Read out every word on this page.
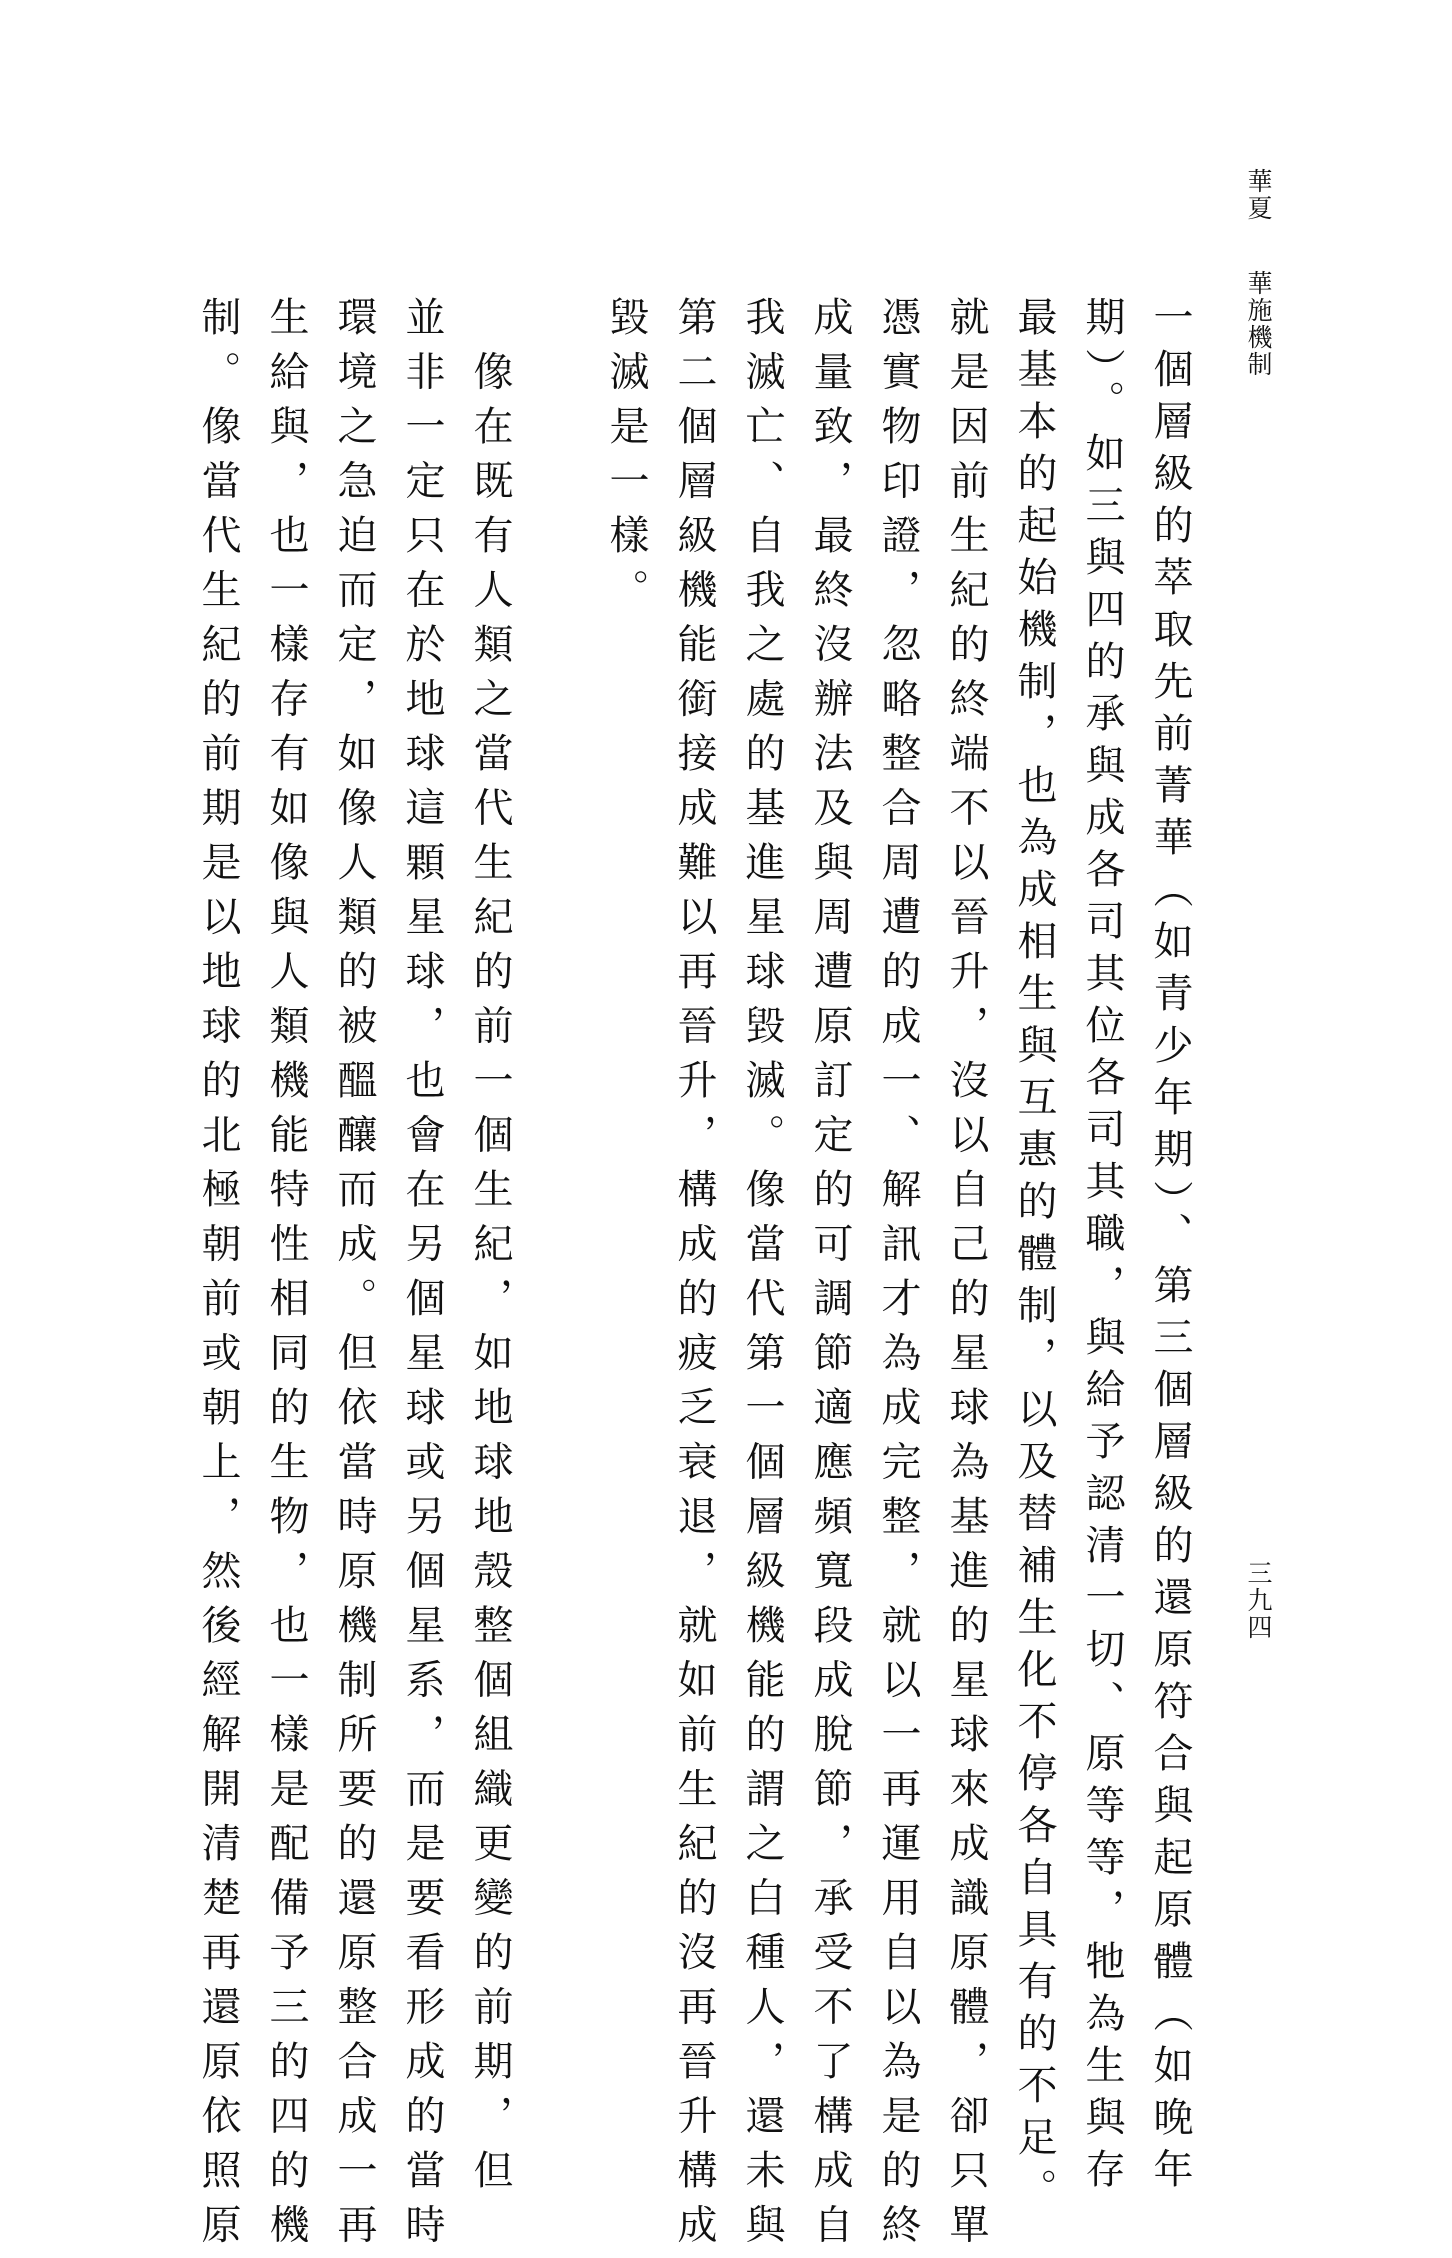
華夏
華施機制
三九四
一個層級的萃取先前菁華（如青少年期）、第三個層級的還原符合與起原體（如晚年
期）。如三與四的承與成各司其位各司其職，與給予認清一切、原等等，牠為生與存
最基本的起始機制，也為成相生與互惠的體制，以及替補生化不停各自具有的不足。
就是因前生紀的終端不以晉升，沒以自己的星球為基進的星球來成識原體，卻只單
憑實物印證，忽略整合周遭的成一、解訊才為成完整，就以一再運用自以為是的終
成量致，最終沒辦法及與周遭原訂定的可調節適應頻寬段成脫節，承受不了構成自
我滅亡、自我之處的基進星球毀滅。像當代第一個層級機能的謂之白種人，還未與
第二個層級機能銜接成難以再晉升，構成的疲乏衰退，就如前生紀的沒再晉升構成
毀滅是一樣。
　像在既有人類之當代生紀的前一個生紀，如地球地殼整個組織更變的前期，但
並非一定只在於地球這顆星球，也會在另個星球或另個星系，而是要看形成的當時
環境之急迫而定，如像人類的被醞釀而成。但依當時原機制所要的還原整合成一再
生給與，也一樣存有如像與人類機能特性相同的生物，也一樣是配備予三的四的機
制。像當代生紀的前期是以地球的北極朝前或朝上，然後經解開清楚再還原依照原
